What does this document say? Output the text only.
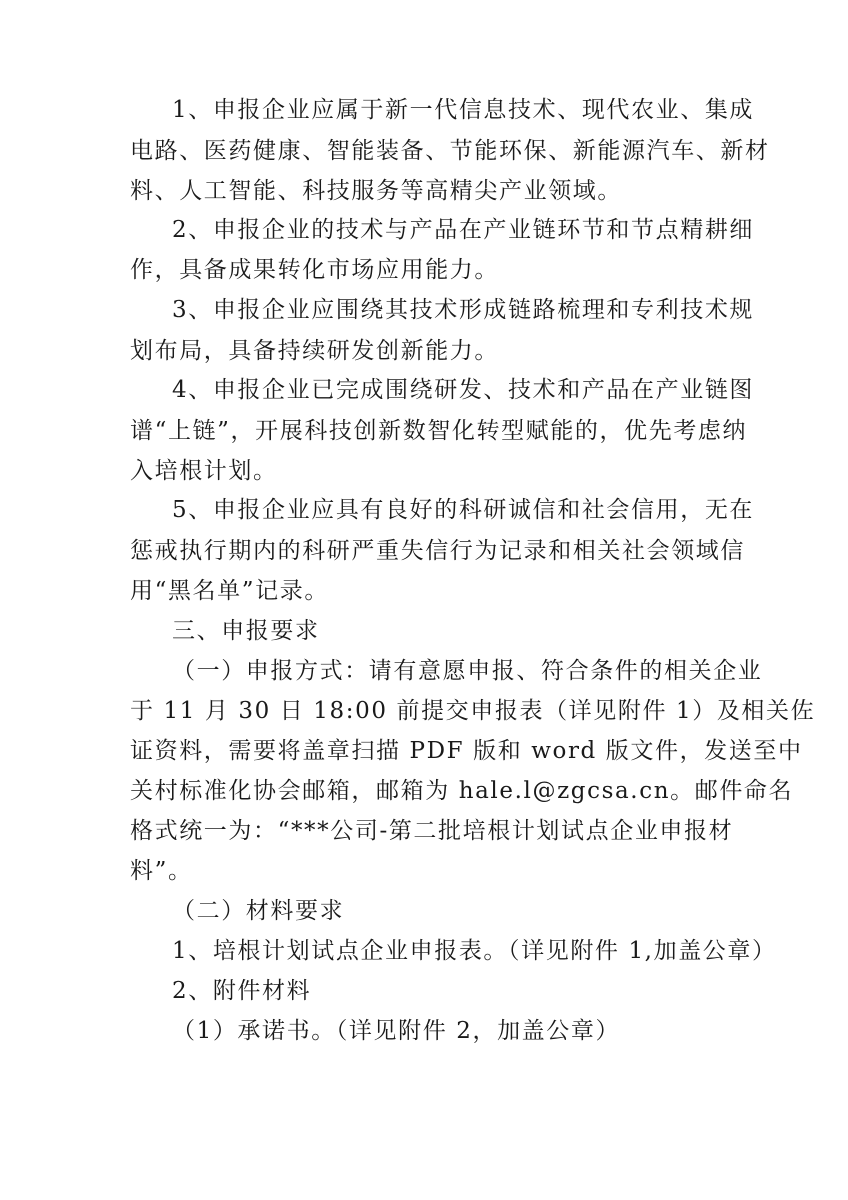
1、申报企业应属于新一代信息技术、现代农业、集成
电路、医药健康、智能装备、节能环保、新能源汽车、新材
料、人工智能、科技服务等高精尖产业领域。
2、申报企业的技术与产品在产业链环节和节点精耕细
作，具备成果转化市场应用能力。
3、申报企业应围绕其技术形成链路梳理和专利技术规
划布局，具备持续研发创新能力。
4、申报企业已完成围绕研发、技术和产品在产业链图
谱“上链”，开展科技创新数智化转型赋能的，优先考虑纳
入培根计划。
5、申报企业应具有良好的科研诚信和社会信用，无在
惩戒执行期内的科研严重失信行为记录和相关社会领域信
用“黑名单”记录。
三、申报要求
（一）申报方式：请有意愿申报、符合条件的相关企业
于 11 月 30 日 18:00 前提交申报表（详见附件 1）及相关佐
证资料，需要将盖章扫描 PDF 版和 word 版文件，发送至中
关村标准化协会邮箱，邮箱为 hale.l@zgcsa.cn。邮件命名
格式统一为：“***公司-第二批培根计划试点企业申报材
料”。
（二）材料要求
1、培根计划试点企业申报表。（详见附件 1,加盖公章）
2、附件材料
（1）承诺书。（详见附件 2，加盖公章）
